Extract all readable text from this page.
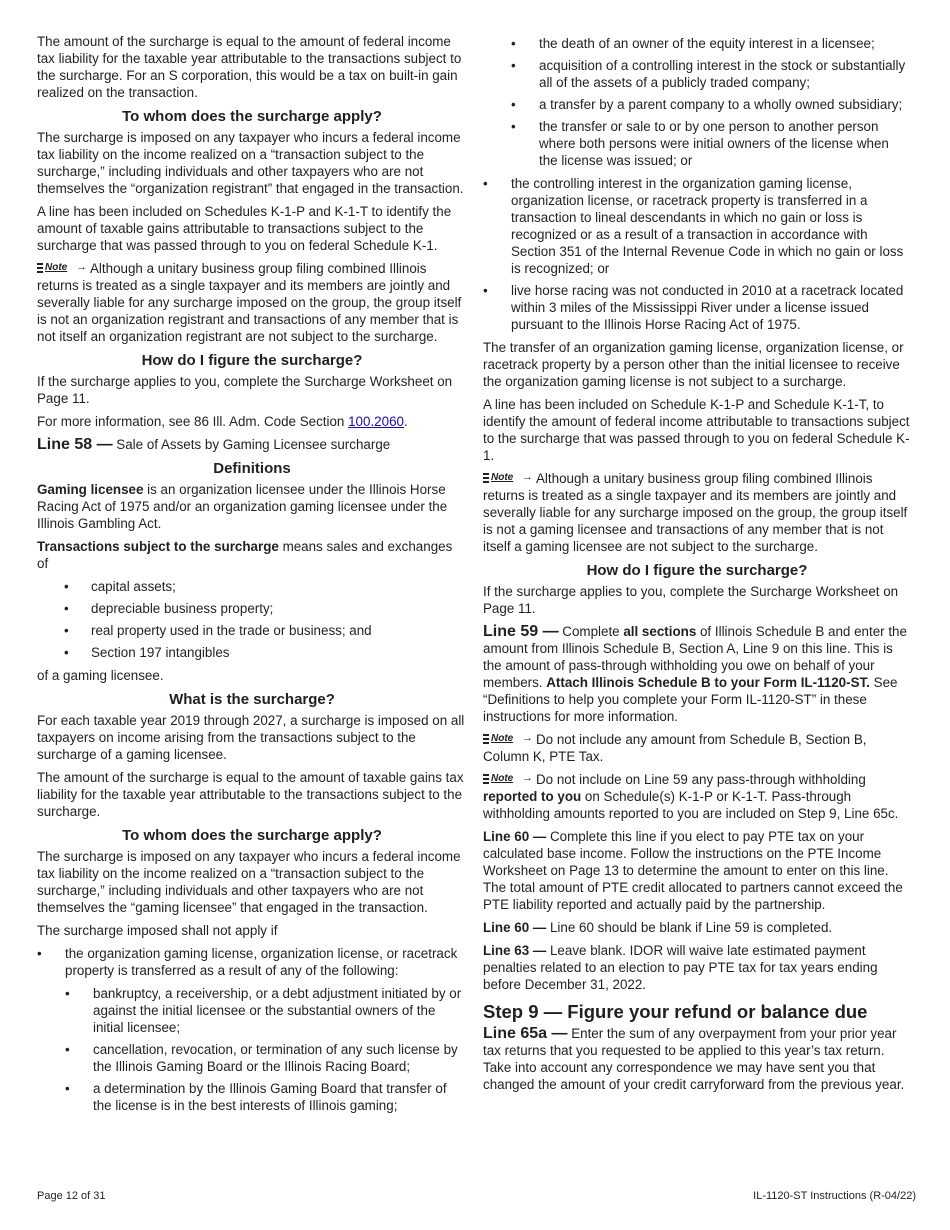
The amount of the surcharge is equal to the amount of federal income tax liability for the taxable year attributable to the transactions subject to the surcharge. For an S corporation, this would be a tax on built-in gain realized on the transaction.

To whom does the surcharge apply?

The surcharge is imposed on any taxpayer who incurs a federal income tax liability on the income realized on a “transaction subject to the surcharge,” including individuals and other taxpayers who are not themselves the “organization registrant” that engaged in the transaction.

A line has been included on Schedules K-1-P and K-1-T to identify the amount of taxable gains attributable to transactions subject to the surcharge that was passed through to you on federal Schedule K-1.

Note → Although a unitary business group filing combined Illinois returns is treated as a single taxpayer and its members are jointly and severally liable for any surcharge imposed on the group, the group itself is not an organization registrant and transactions of any member that is not itself an organization registrant are not subject to the surcharge.

How do I figure the surcharge?

If the surcharge applies to you, complete the Surcharge Worksheet on Page 11.

For more information, see 86 Ill. Adm. Code Section 100.2060.

Line 58 — Sale of Assets by Gaming Licensee surcharge

Definitions

Gaming licensee is an organization licensee under the Illinois Horse Racing Act of 1975 and/or an organization gaming licensee under the Illinois Gambling Act.

Transactions subject to the surcharge means sales and exchanges of

• capital assets;
• depreciable business property;
• real property used in the trade or business; and
• Section 197 intangibles

of a gaming licensee.

What is the surcharge?

For each taxable year 2019 through 2027, a surcharge is imposed on all taxpayers on income arising from the transactions subject to the surcharge of a gaming licensee.

The amount of the surcharge is equal to the amount of taxable gains tax liability for the taxable year attributable to the transactions subject to the surcharge.

To whom does the surcharge apply?

The surcharge is imposed on any taxpayer who incurs a federal income tax liability on the income realized on a “transaction subject to the surcharge,” including individuals and other taxpayers who are not themselves the “gaming licensee” that engaged in the transaction.

The surcharge imposed shall not apply if

• the organization gaming license, organization license, or racetrack property is transferred as a result of any of the following:
• bankruptcy, a receivership, or a debt adjustment initiated by or against the initial licensee or the substantial owners of the initial licensee;
• cancellation, revocation, or termination of any such license by the Illinois Gaming Board or the Illinois Racing Board;
• a determination by the Illinois Gaming Board that transfer of the license is in the best interests of Illinois gaming;
• the death of an owner of the equity interest in a licensee;
• acquisition of a controlling interest in the stock or substantially all of the assets of a publicly traded company;
• a transfer by a parent company to a wholly owned subsidiary;
• the transfer or sale to or by one person to another person where both persons were initial owners of the license when the license was issued; or
• the controlling interest in the organization gaming license, organization license, or racetrack property is transferred in a transaction to lineal descendants in which no gain or loss is recognized or as a result of a transaction in accordance with Section 351 of the Internal Revenue Code in which no gain or loss is recognized; or
• live horse racing was not conducted in 2010 at a racetrack located within 3 miles of the Mississippi River under a license issued pursuant to the Illinois Horse Racing Act of 1975.

The transfer of an organization gaming license, organization license, or racetrack property by a person other than the initial licensee to receive the organization gaming license is not subject to a surcharge.

A line has been included on Schedule K-1-P and Schedule K-1-T, to identify the amount of federal income attributable to transactions subject to the surcharge that was passed through to you on federal Schedule K-1.

Note → Although a unitary business group filing combined Illinois returns is treated as a single taxpayer and its members are jointly and severally liable for any surcharge imposed on the group, the group itself is not a gaming licensee and transactions of any member that is not itself a gaming licensee are not subject to the surcharge.

How do I figure the surcharge?

If the surcharge applies to you, complete the Surcharge Worksheet on Page 11.

Line 59 — Complete all sections of Illinois Schedule B and enter the amount from Illinois Schedule B, Section A, Line 9 on this line. This is the amount of pass-through withholding you owe on behalf of your members. Attach Illinois Schedule B to your Form IL-1120-ST. See “Definitions to help you complete your Form IL-1120-ST” in these instructions for more information.

Note → Do not include any amount from Schedule B, Section B, Column K, PTE Tax.

Note → Do not include on Line 59 any pass-through withholding reported to you on Schedule(s) K-1-P or K-1-T. Pass-through withholding amounts reported to you are included on Step 9, Line 65c.

Line 60 — Complete this line if you elect to pay PTE tax on your calculated base income. Follow the instructions on the PTE Income Worksheet on Page 13 to determine the amount to enter on this line. The total amount of PTE credit allocated to partners cannot exceed the PTE liability reported and actually paid by the partnership.

Line 60 — Line 60 should be blank if Line 59 is completed.

Line 63 — Leave blank. IDOR will waive late estimated payment penalties related to an election to pay PTE tax for tax years ending before December 31, 2022.

Step 9 — Figure your refund or balance due

Line 65a — Enter the sum of any overpayment from your prior year tax returns that you requested to be applied to this year’s tax return. Take into account any correspondence we may have sent you that changed the amount of your credit carryforward from the previous year.

Page 12 of 31	IL-1120-ST Instructions (R-04/22)
